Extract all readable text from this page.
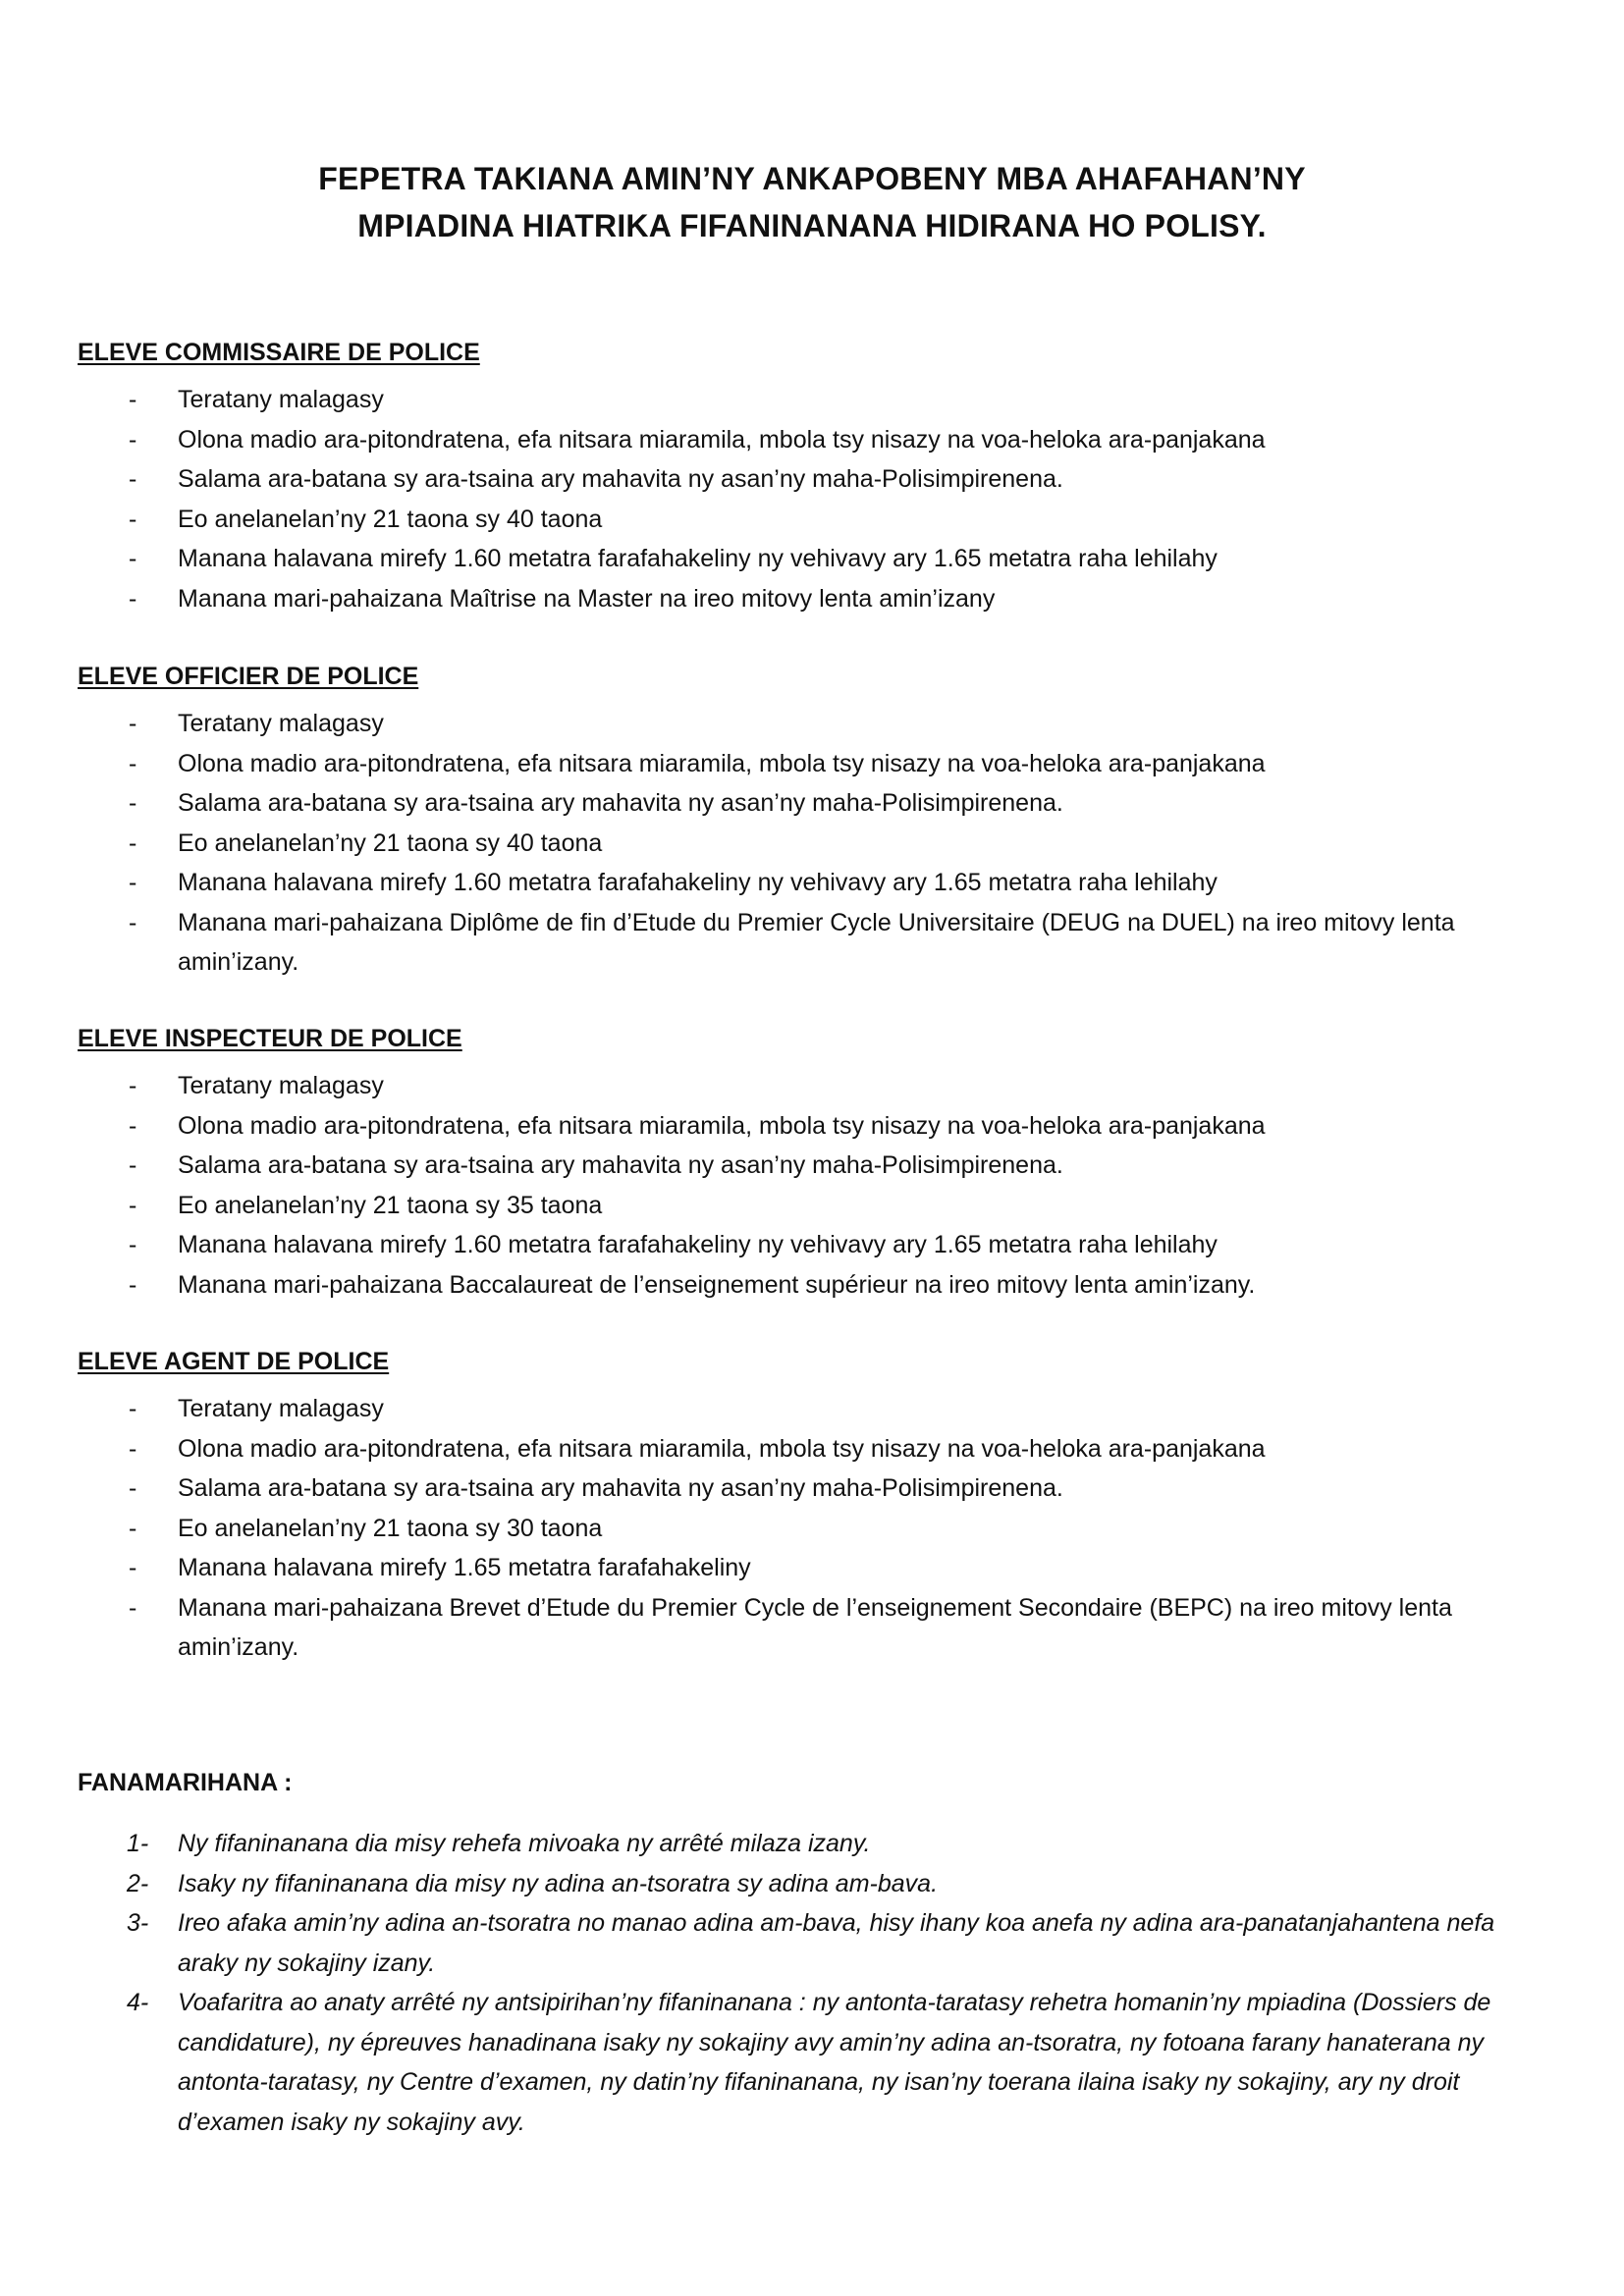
FEPETRA TAKIANA AMIN’NY ANKAPOBENY MBA AHAFAHAN’NY
MPIADINA HIATRIKA FIFANINANANA HIDIRANA HO POLISY.
ELEVE COMMISSAIRE DE POLICE
- Teratany malagasy
- Olona madio ara-pitondratena, efa nitsara miaramila, mbola tsy nisazy na voa-heloka ara-panjakana
- Salama ara-batana sy ara-tsaina ary mahavita ny asan’ny maha-Polisimpirenena.
- Eo anelanelan’ny 21 taona sy 40 taona
- Manana halavana mirefy 1.60 metatra farafahakeliny ny vehivavy ary 1.65 metatra raha lehilahy
- Manana mari-pahaizana Maîtrise na Master na ireo mitovy lenta amin’izany
ELEVE OFFICIER DE POLICE
- Teratany malagasy
- Olona madio ara-pitondratena, efa nitsara miaramila, mbola tsy nisazy na voa-heloka ara-panjakana
- Salama ara-batana sy ara-tsaina ary mahavita ny asan’ny maha-Polisimpirenena.
- Eo anelanelan’ny 21 taona sy 40 taona
- Manana halavana mirefy 1.60 metatra farafahakeliny ny vehivavy ary 1.65 metatra raha lehilahy
- Manana mari-pahaizana Diplôme de fin d’Etude du Premier Cycle Universitaire (DEUG na DUEL) na ireo mitovy lenta amin’izany.
ELEVE INSPECTEUR DE POLICE
- Teratany malagasy
- Olona madio ara-pitondratena, efa nitsara miaramila, mbola tsy nisazy na voa-heloka ara-panjakana
- Salama ara-batana sy ara-tsaina ary mahavita ny asan’ny maha-Polisimpirenena.
- Eo anelanelan’ny 21 taona sy 35 taona
- Manana halavana mirefy 1.60 metatra farafahakeliny ny vehivavy ary 1.65 metatra raha lehilahy
- Manana mari-pahaizana Baccalaureat de l’enseignement supérieur na ireo mitovy lenta amin’izany.
ELEVE AGENT DE POLICE
- Teratany malagasy
- Olona madio ara-pitondratena, efa nitsara miaramila, mbola tsy nisazy na voa-heloka ara-panjakana
- Salama ara-batana sy ara-tsaina ary mahavita ny asan’ny maha-Polisimpirenena.
- Eo anelanelan’ny 21 taona sy 30 taona
- Manana halavana mirefy 1.65 metatra farafahakeliny
- Manana mari-pahaizana Brevet d’Etude du Premier Cycle de l’enseignement Secondaire (BEPC) na ireo mitovy lenta amin’izany.
FANAMARIHANA :
1- Ny fifaninanana dia misy rehefa mivoaka ny arrêté milaza izany.
2- Isaky ny fifaninanana dia misy ny adina an-tsoratra sy adina am-bava.
3- Ireo afaka amin’ny adina an-tsoratra no manao adina am-bava, hisy ihany koa anefa ny adina ara-panatanjahantena nefa araky ny sokajiny izany.
4- Voafaritra ao anaty arrêté ny antsipirihan’ny fifaninanana : ny antonta-taratasy rehetra homanin’ny mpiadina (Dossiers de candidature), ny épreuves hanadinana isaky ny sokajiny avy amin’ny adina an-tsoratra, ny fotoana farany hanaterana ny antonta-taratasy, ny Centre d’examen, ny datin’ny fifaninanana, ny isan’ny toerana ilaina isaky ny sokajiny, ary ny droit d’examen isaky ny sokajiny avy.
